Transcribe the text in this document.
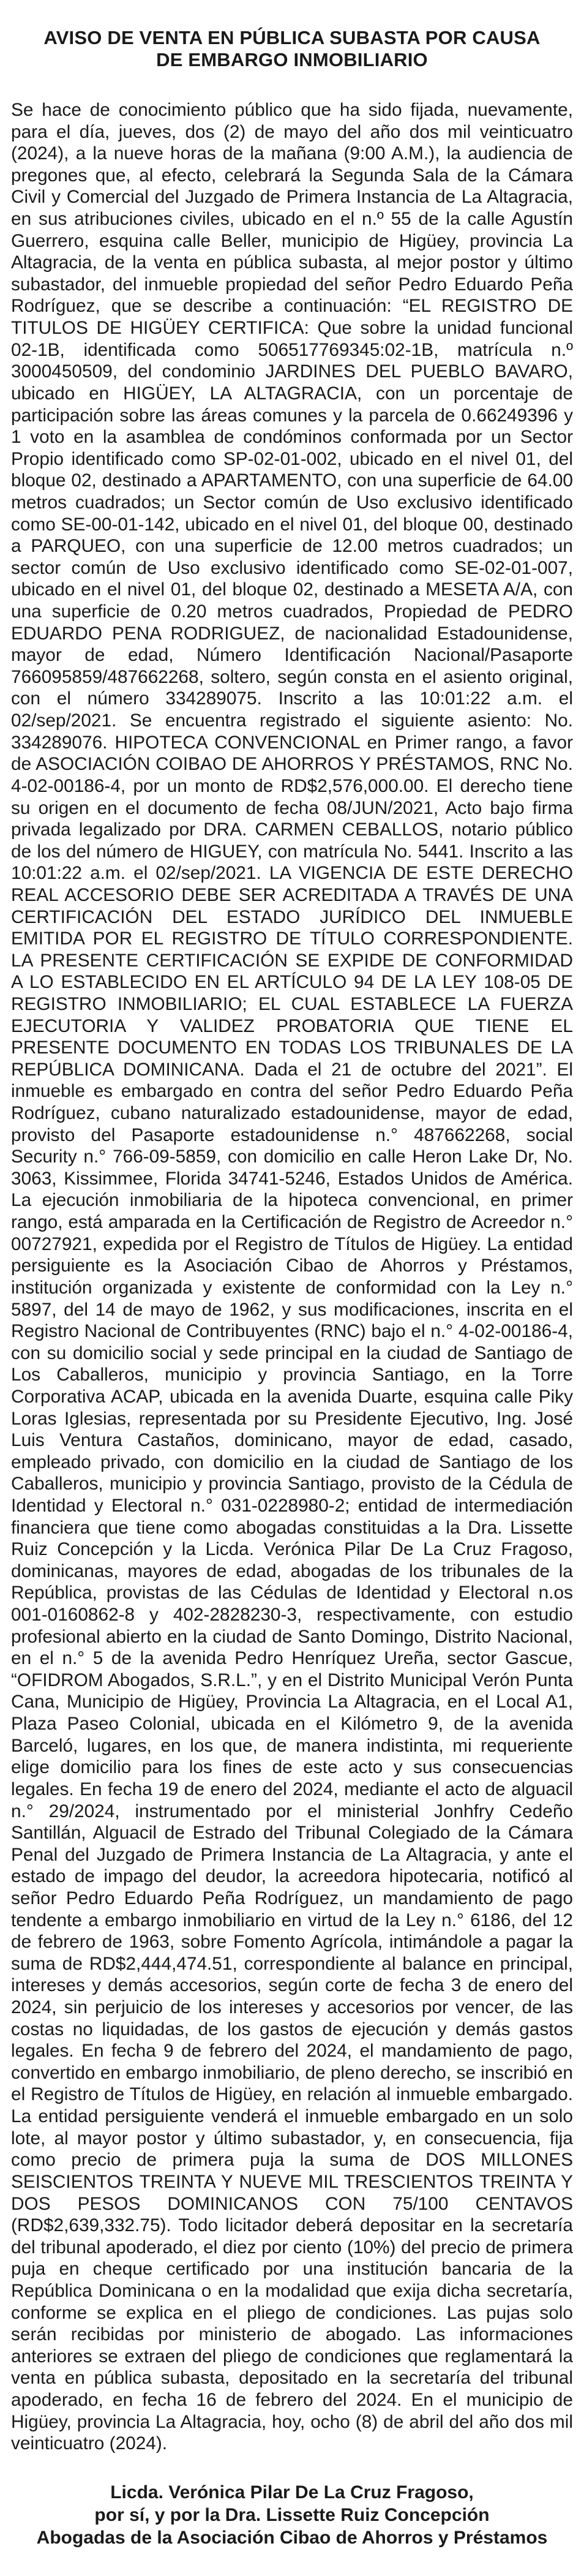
AVISO DE VENTA EN PÚBLICA SUBASTA POR CAUSA
DE EMBARGO INMOBILIARIO

Se hace de conocimiento público que ha sido fijada, nuevamente, para el día, jueves, dos (2) de mayo del año dos mil veinticuatro (2024), a la nueve horas de la mañana (9:00 A.M.), la audiencia de pregones que, al efecto, celebrará la Segunda Sala de la Cámara Civil y Comercial del Juzgado de Primera Instancia de La Altagracia, en sus atribuciones civiles, ubicado en el n.º 55 de la calle Agustín Guerrero, esquina calle Beller, municipio de Higüey, provincia La Altagracia, de la venta en pública subasta, al mejor postor y último subastador, del inmueble propiedad del señor Pedro Eduardo Peña Rodríguez, que se describe a continuación: “EL REGISTRO DE TITULOS DE HIGÜEY CERTIFICA: Que sobre la unidad funcional 02-1B, identificada como 506517769345:02-1B, matrícula n.º 3000450509, del condominio JARDINES DEL PUEBLO BAVARO, ubicado en HIGÜEY, LA ALTAGRACIA, con un porcentaje de participación sobre las áreas comunes y la parcela de 0.66249396 y 1 voto en la asamblea de condóminos conformada por un Sector Propio identificado como SP-02-01-002, ubicado en el nivel 01, del bloque 02, destinado a APARTAMENTO, con una superficie de 64.00 metros cuadrados; un Sector común de Uso exclusivo identificado como SE-00-01-142, ubicado en el nivel 01, del bloque 00, destinado a PARQUEO, con una superficie de 12.00 metros cuadrados; un sector común de Uso exclusivo identificado como SE-02-01-007, ubicado en el nivel 01, del bloque 02, destinado a MESETA A/A, con una superficie de 0.20 metros cuadrados, Propiedad de PEDRO EDUARDO PENA RODRIGUEZ, de nacionalidad Estadounidense, mayor de edad, Número Identificación Nacional/Pasaporte 766095859/487662268, soltero, según consta en el asiento original, con el número 334289075. Inscrito a las 10:01:22 a.m. el 02/sep/2021. Se encuentra registrado el siguiente asiento: No. 334289076. HIPOTECA CONVENCIONAL en Primer rango, a favor de ASOCIACIÓN COIBAO DE AHORROS Y PRÉSTAMOS, RNC No. 4-02-00186-4, por un monto de RD$2,576,000.00. El derecho tiene su origen en el documento de fecha 08/JUN/2021, Acto bajo firma privada legalizado por DRA. CARMEN CEBALLOS, notario público de los del número de HIGUEY, con matrícula No. 5441. Inscrito a las 10:01:22 a.m. el 02/sep/2021. LA VIGENCIA DE ESTE DERECHO REAL ACCESORIO DEBE SER ACREDITADA A TRAVÉS DE UNA CERTIFICACIÓN DEL ESTADO JURÍDICO DEL INMUEBLE EMITIDA POR EL REGISTRO DE TÍTULO CORRESPONDIENTE. LA PRESENTE CERTIFICACIÓN SE EXPIDE DE CONFORMIDAD A LO ESTABLECIDO EN EL ARTÍCULO 94 DE LA LEY 108-05 DE REGISTRO INMOBILIARIO; EL CUAL ESTABLECE LA FUERZA EJECUTORIA Y VALIDEZ PROBATORIA QUE TIENE EL PRESENTE DOCUMENTO EN TODAS LOS TRIBUNALES DE LA REPÚBLICA DOMINICANA. Dada el 21 de octubre del 2021”. El inmueble es embargado en contra del señor Pedro Eduardo Peña Rodríguez, cubano naturalizado estadounidense, mayor de edad, provisto del Pasaporte estadounidense n.° 487662268, social Security n.° 766-09-5859, con domicilio en calle Heron Lake Dr, No. 3063, Kissimmee, Florida 34741-5246, Estados Unidos de América. La ejecución inmobiliaria de la hipoteca convencional, en primer rango, está amparada en la Certificación de Registro de Acreedor n.° 00727921, expedida por el Registro de Títulos de Higüey. La entidad persiguiente es la Asociación Cibao de Ahorros y Préstamos, institución organizada y existente de conformidad con la Ley n.° 5897, del 14 de mayo de 1962, y sus modificaciones, inscrita en el Registro Nacional de Contribuyentes (RNC) bajo el n.° 4-02-00186-4, con su domicilio social y sede principal en la ciudad de Santiago de Los Caballeros, municipio y provincia Santiago, en la Torre Corporativa ACAP, ubicada en la avenida Duarte, esquina calle Piky Loras Iglesias, representada por su Presidente Ejecutivo, Ing. José Luis Ventura Castaños, dominicano, mayor de edad, casado, empleado privado, con domicilio en la ciudad de Santiago de los Caballeros, municipio y provincia Santiago, provisto de la Cédula de Identidad y Electoral n.° 031-0228980-2; entidad de intermediación financiera que tiene como abogadas constituidas a la Dra. Lissette Ruiz Concepción y la Licda. Verónica Pilar De La Cruz Fragoso, dominicanas, mayores de edad, abogadas de los tribunales de la República, provistas de las Cédulas de Identidad y Electoral n.os 001-0160862-8 y 402-2828230-3, respectivamente, con estudio profesional abierto en la ciudad de Santo Domingo, Distrito Nacional, en el n.° 5 de la avenida Pedro Henríquez Ureña, sector Gascue, “OFIDROM Abogados, S.R.L.”, y en el Distrito Municipal Verón Punta Cana, Municipio de Higüey, Provincia La Altagracia, en el Local A1, Plaza Paseo Colonial, ubicada en el Kilómetro 9, de la avenida Barceló, lugares, en los que, de manera indistinta, mi requeriente elige domicilio para los fines de este acto y sus consecuencias legales. En fecha 19 de enero del 2024, mediante el acto de alguacil n.° 29/2024, instrumentado por el ministerial Jonhfry Cedeño Santillán, Alguacil de Estrado del Tribunal Colegiado de la Cámara Penal del Juzgado de Primera Instancia de La Altagracia, y ante el estado de impago del deudor, la acreedora hipotecaria, notificó al señor Pedro Eduardo Peña Rodríguez, un mandamiento de pago tendente a embargo inmobiliario en virtud de la Ley n.° 6186, del 12 de febrero de 1963, sobre Fomento Agrícola, intimándole a pagar la suma de RD$2,444,474.51, correspondiente al balance en principal, intereses y demás accesorios, según corte de fecha 3 de enero del 2024, sin perjuicio de los intereses y accesorios por vencer, de las costas no liquidadas, de los gastos de ejecución y demás gastos legales. En fecha 9 de febrero del 2024, el mandamiento de pago, convertido en embargo inmobiliario, de pleno derecho, se inscribió en el Registro de Títulos de Higüey, en relación al inmueble embargado. La entidad persiguiente venderá el inmueble embargado en un solo lote, al mayor postor y último subastador, y, en consecuencia, fija como precio de primera puja la suma de DOS MILLONES SEISCIENTOS TREINTA Y NUEVE MIL TRESCIENTOS TREINTA Y DOS PESOS DOMINICANOS CON 75/100 CENTAVOS (RD$2,639,332.75). Todo licitador deberá depositar en la secretaría del tribunal apoderado, el diez por ciento (10%) del precio de primera puja en cheque certificado por una institución bancaria de la República Dominicana o en la modalidad que exija dicha secretaría, conforme se explica en el pliego de condiciones. Las pujas solo serán recibidas por ministerio de abogado. Las informaciones anteriores se extraen del pliego de condiciones que reglamentará la venta en pública subasta, depositado en la secretaría del tribunal apoderado, en fecha 16 de febrero del 2024. En el municipio de Higüey, provincia La Altagracia, hoy, ocho (8) de abril del año dos mil veinticuatro (2024).

Licda. Verónica Pilar De La Cruz Fragoso,
por sí, y por la Dra. Lissette Ruiz Concepción
Abogadas de la Asociación Cibao de Ahorros y Préstamos
